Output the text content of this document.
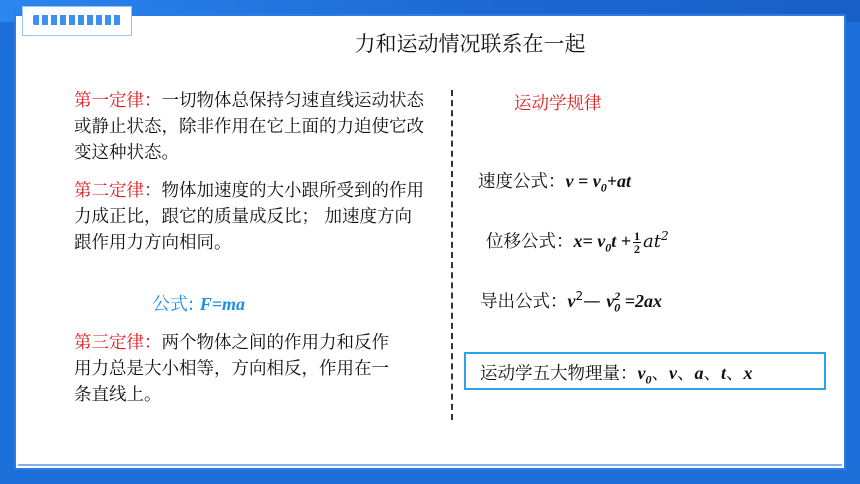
力和运动情况联系在一起
第一定律：一切物体总保持匀速直线运动状态或静止状态，除非作用在它上面的力迫使它改变这种状态。
第二定律：物体加速度的大小跟所受到的作用力成正比，跟它的质量成反比； 加速度方向跟作用力方向相同。
公式: F=ma
第三定律：两个物体之间的作用力和反作用力总是大小相等，方向相反，作用在一条直线上。
运动学规律
速度公式：$v = v_0+at$
位移公式：$x= v_0t + \frac{1}{2} at^2$
导出公式：$v^2—$ $v_0^2 =2ax$
运动学五大物理量：$v_0$、v、a、t、x
